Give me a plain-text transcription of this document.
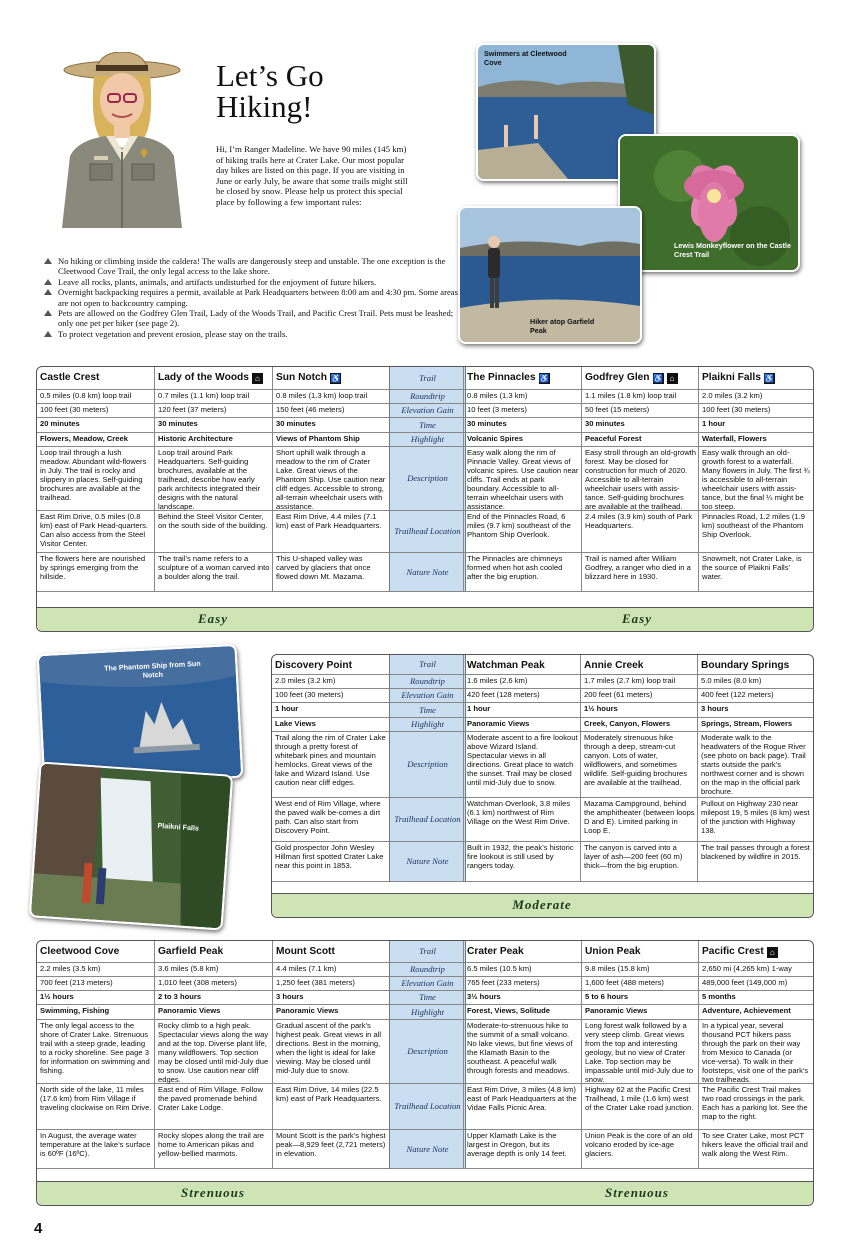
Let’s Go
Hiking!
Hi, I’m Ranger Madeline. We have 90 miles (145 km) of hiking trails here at Crater Lake. Our most popular day hikes are listed on this page. If you are visiting in June or early July, be aware that some trails might still be closed by snow. Please help us protect this special place by following a few important rules:
No hiking or climbing inside the caldera! The walls are dangerously steep and unstable. The one exception is the Cleetwood Cove Trail, the only legal access to the lake shore.
Leave all rocks, plants, animals, and artifacts undisturbed for the enjoyment of future hikers.
Overnight backpacking requires a permit, available at Park Headquarters between 8:00 am and 4:30 pm. Some areas are not open to backcountry camping.
Pets are allowed on the Godfrey Glen Trail, Lady of the Woods Trail, and Pacific Crest Trail. Pets must be leashed; only one pet per hiker (see page 2).
To protect vegetation and prevent erosion, please stay on the trails.
Swimmers at Cleetwood Cove
Lewis Monkeyflower on the Castle Crest Trail
Hiker atop Garfield Peak
The Phantom Ship from Sun Notch
Plaikni Falls
Trail
Roundtrip
Elevation Gain
Time
Highlight
Description
Trailhead Location
Nature Note
Castle Crest
0.5 miles (0.8 km) loop trail
100 feet (30 meters)
20 minutes
Flowers, Meadow, Creek
Loop trail through a lush meadow. Abundant wild-flowers in July. The trail is rocky and slippery in places. Self-guiding brochures are available at the trailhead.
East Rim Drive, 0.5 miles (0.8 km) east of Park Head-quarters. Can also access from the Steel Visitor Center.
The flowers here are nourished by springs emerging from the hillside.
Lady of the Woods ⌂
0.7 miles (1.1 km) loop trail
120 feet (37 meters)
30 minutes
Historic Architecture
Loop trail around Park Headquarters. Self-guiding brochures, available at the trailhead, describe how early park architects integrated their designs with the natural landscape.
Behind the Steel Visitor Center, on the south side of the building.
The trail’s name refers to a sculpture of a woman carved into a boulder along the trail.
Sun Notch ♿
0.8 miles (1.3 km) loop trail
150 feet (46 meters)
30 minutes
Views of Phantom Ship
Short uphill walk through a meadow to the rim of Crater Lake. Great views of the Phantom Ship. Use caution near cliff edges. Accessible to strong, all-terrain wheelchair users with assistance.
East Rim Drive, 4.4 miles (7.1 km) east of Park Headquarters.
This U-shaped valley was carved by glaciers that once flowed down Mt. Mazama.
The Pinnacles ♿
0.8 miles (1.3 km)
10 feet (3 meters)
30 minutes
Volcanic Spires
Easy walk along the rim of Pinnacle Valley. Great views of volcanic spires. Use caution near cliffs. Trail ends at park boundary. Accessible to all-terrain wheelchair users with assistance.
End of the Pinnacles Road, 6 miles (9.7 km) southeast of the Phantom Ship Overlook.
The Pinnacles are chimneys formed when hot ash cooled after the big eruption.
Godfrey Glen ♿ ⌂
1.1 miles (1.8 km) loop trail
50 feet (15 meters)
30 minutes
Peaceful Forest
Easy stroll through an old-growth forest. May be closed for construction for much of 2020. Accessible to all-terrain wheelchair users with assis-tance. Self-guiding brochures are available at the trailhead.
2.4 miles (3.9 km) south of Park Headquarters.
Trail is named after William Godfrey, a ranger who died in a blizzard here in 1930.
Plaikni Falls ♿
2.0 miles (3.2 km)
100 feet (30 meters)
1 hour
Waterfall, Flowers
Easy walk through an old-growth forest to a waterfall. Many flowers in July. The first ¾ is accessible to all-terrain wheelchair users with assis-tance, but the final ¼ might be too steep.
Pinnacles Road, 1.2 miles (1.9 km) southeast of the Phantom Ship Overlook.
Snowmelt, not Crater Lake, is the source of Plaikni Falls’ water.
Easy	Easy
Trail
Roundtrip
Elevation Gain
Time
Highlight
Description
Trailhead Location
Nature Note
Discovery Point
2.0 miles (3.2 km)
100 feet (30 meters)
1 hour
Lake Views
Trail along the rim of Crater Lake through a pretty forest of whitebark pines and mountain hemlocks. Great views of the lake and Wizard Island. Use caution near cliff edges.
West end of Rim Village, where the paved walk be-comes a dirt path. Can also start from Discovery Point.
Gold prospector John Wesley Hillman first spotted Crater Lake near this point in 1853.
Watchman Peak
1.6 miles (2.6 km)
420 feet (128 meters)
1 hour
Panoramic Views
Moderate ascent to a fire lookout above Wizard Island. Spectacular views in all directions. Great place to watch the sunset. Trail may be closed until mid-July due to snow.
Watchman Overlook, 3.8 miles (6.1 km) northwest of Rim Village on the West Rim Drive.
Built in 1932, the peak’s historic fire lookout is still used by rangers today.
Annie Creek
1.7 miles (2.7 km) loop trail
200 feet (61 meters)
1½ hours
Creek, Canyon, Flowers
Moderately strenuous hike through a deep, stream-cut canyon. Lots of water, wildflowers, and sometimes wildlife. Self-guiding brochures are available at the trailhead.
Mazama Campground, behind the amphitheater (between loops D and E). Limited parking in Loop E.
The canyon is carved into a layer of ash—200 feet (60 m) thick—from the big eruption.
Boundary Springs
5.0 miles (8.0 km)
400 feet (122 meters)
3 hours
Springs, Stream, Flowers
Moderate walk to the headwaters of the Rogue River (see photo on back page). Trail starts outside the park’s northwest corner and is shown on the map in the official park brochure.
Pullout on Highway 230 near milepost 19, 5 miles (8 km) west of the junction with Highway 138.
The trail passes through a forest blackened by wildfire in 2015.
Moderate
Trail
Roundtrip
Elevation Gain
Time
Highlight
Description
Trailhead Location
Nature Note
Cleetwood Cove
2.2 miles (3.5 km)
700 feet (213 meters)
1½ hours
Swimming, Fishing
The only legal access to the shore of Crater Lake. Strenuous trail with a steep grade, leading to a rocky shoreline. See page 3 for information on swimming and fishing.
North side of the lake, 11 miles (17.6 km) from Rim Village if traveling clockwise on Rim Drive.
In August, the average water temperature at the lake’s surface is 60ºF (16ºC).
Garfield Peak
3.6 miles (5.8 km)
1,010 feet (308 meters)
2 to 3 hours
Panoramic Views
Rocky climb to a high peak. Spectacular views along the way and at the top. Diverse plant life, many wildflowers. Top section may be closed until mid-July due to snow. Use caution near cliff edges.
East end of Rim Village. Follow the paved promenade behind Crater Lake Lodge.
Rocky slopes along the trail are home to American pikas and yellow-bellied marmots.
Mount Scott
4.4 miles (7.1 km)
1,250 feet (381 meters)
3 hours
Panoramic Views
Gradual ascent of the park’s highest peak. Great views in all directions. Best in the morning, when the light is ideal for lake viewing. May be closed until mid-July due to snow.
East Rim Drive, 14 miles (22.5 km) east of Park Headquarters.
Mount Scott is the park’s highest peak—8,929 feet (2,721 meters) in elevation.
Crater Peak
6.5 miles (10.5 km)
765 feet (233 meters)
3½ hours
Forest, Views, Solitude
Moderate-to-strenuous hike to the summit of a small volcano. No lake views, but fine views of the Klamath Basin to the southeast. A peaceful walk through forests and meadows.
East Rim Drive, 3 miles (4.8 km) east of Park Headquarters at the Vidae Falls Picnic Area.
Upper Klamath Lake is the largest in Oregon, but its average depth is only 14 feet.
Union Peak
9.8 miles (15.8 km)
1,600 feet (488 meters)
5 to 6 hours
Panoramic Views
Long forest walk followed by a very steep climb. Great views from the top and interesting geology, but no view of Crater Lake. Top section may be impassable until mid-July due to snow.
Highway 62 at the Pacific Crest Trailhead, 1 mile (1.6 km) west of the Crater Lake road junction.
Union Peak is the core of an old volcano eroded by ice-age glaciers.
Pacific Crest ⌂
2,650 mi (4,265 km) 1-way
489,000 feet (149,000 m)
5 months
Adventure, Achievement
In a typical year, several thousand PCT hikers pass through the park on their way from Mexico to Canada (or vice-versa). To walk in their footsteps, visit one of the park’s two trailheads.
The Pacific Crest Trail makes two road crossings in the park. Each has a parking lot. See the map to the right.
To see Crater Lake, most PCT hikers leave the official trail and walk along the West Rim.
Strenuous	Strenuous
4
